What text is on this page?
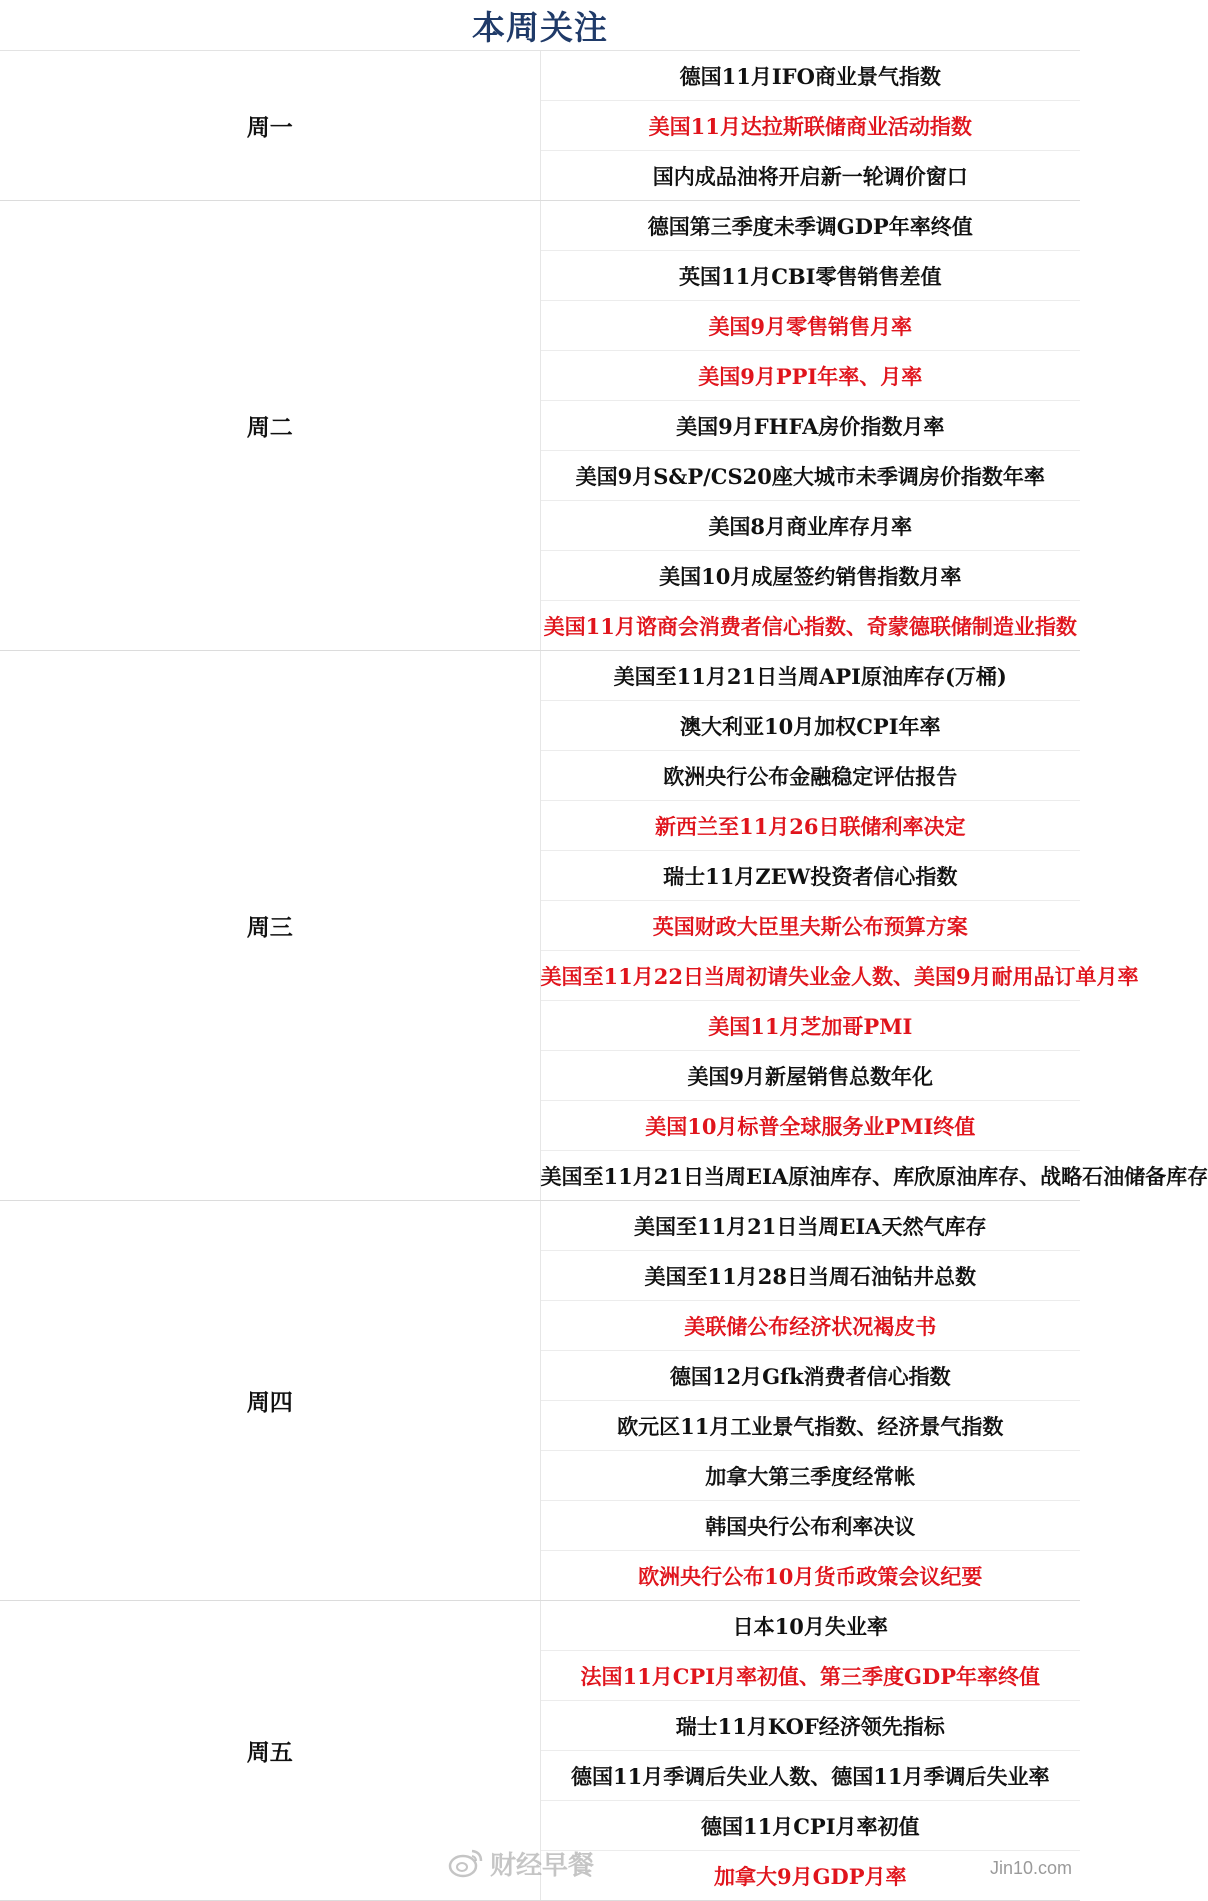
本周关注	
周一	德国11月IFO商业景气指数
	美国11月达拉斯联储商业活动指数
	国内成品油将开启新一轮调价窗口
周二	德国第三季度未季调GDP年率终值
	英国11月CBI零售销售差值
	美国9月零售销售月率
	美国9月PPI年率、月率
	美国9月FHFA房价指数月率
	美国9月S&P/CS20座大城市未季调房价指数年率
	美国8月商业库存月率
	美国10月成屋签约销售指数月率
	美国11月谘商会消费者信心指数、奇蒙德联储制造业指数
周三	美国至11月21日当周API原油库存(万桶)
	澳大利亚10月加权CPI年率
	欧洲央行公布金融稳定评估报告
	新西兰至11月26日联储利率决定
	瑞士11月ZEW投资者信心指数
	英国财政大臣里夫斯公布预算方案
	美国至11月22日当周初请失业金人数、美国9月耐用品订单月率
	美国11月芝加哥PMI
	美国9月新屋销售总数年化
	美国10月标普全球服务业PMI终值
	美国至11月21日当周EIA原油库存、库欣原油库存、战略石油储备库存
周四	美国至11月21日当周EIA天然气库存
	美国至11月28日当周石油钻井总数
	美联储公布经济状况褐皮书
	德国12月Gfk消费者信心指数
	欧元区11月工业景气指数、经济景气指数
	加拿大第三季度经常帐
	韩国央行公布利率决议
	欧洲央行公布10月货币政策会议纪要
周五	日本10月失业率
	法国11月CPI月率初值、第三季度GDP年率终值
	瑞士11月KOF经济领先指标
	德国11月季调后失业人数、德国11月季调后失业率
	德国11月CPI月率初值
	加拿大9月GDP月率
财经早餐	Jin10.com
